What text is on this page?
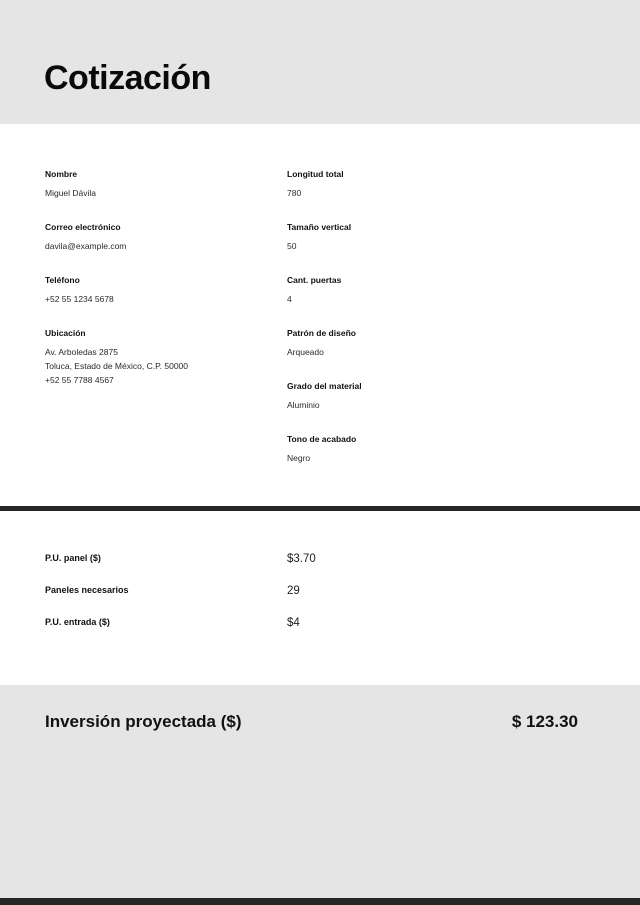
Cotización
Nombre
Miguel Dávila
Correo electrónico
davila@example.com
Teléfono
+52 55 1234 5678
Ubicación
Av. Arboledas 2875
Toluca, Estado de México, C.P. 50000
+52 55 7788 4567
Longitud total
780
Tamaño vertical
50
Cant. puertas
4
Patrón de diseño
Arqueado
Grado del material
Aluminio
Tono de acabado
Negro
P.U. panel ($)	$3.70
Paneles necesarios	29
P.U. entrada ($)	$4
Inversión proyectada ($)	$ 123.30
